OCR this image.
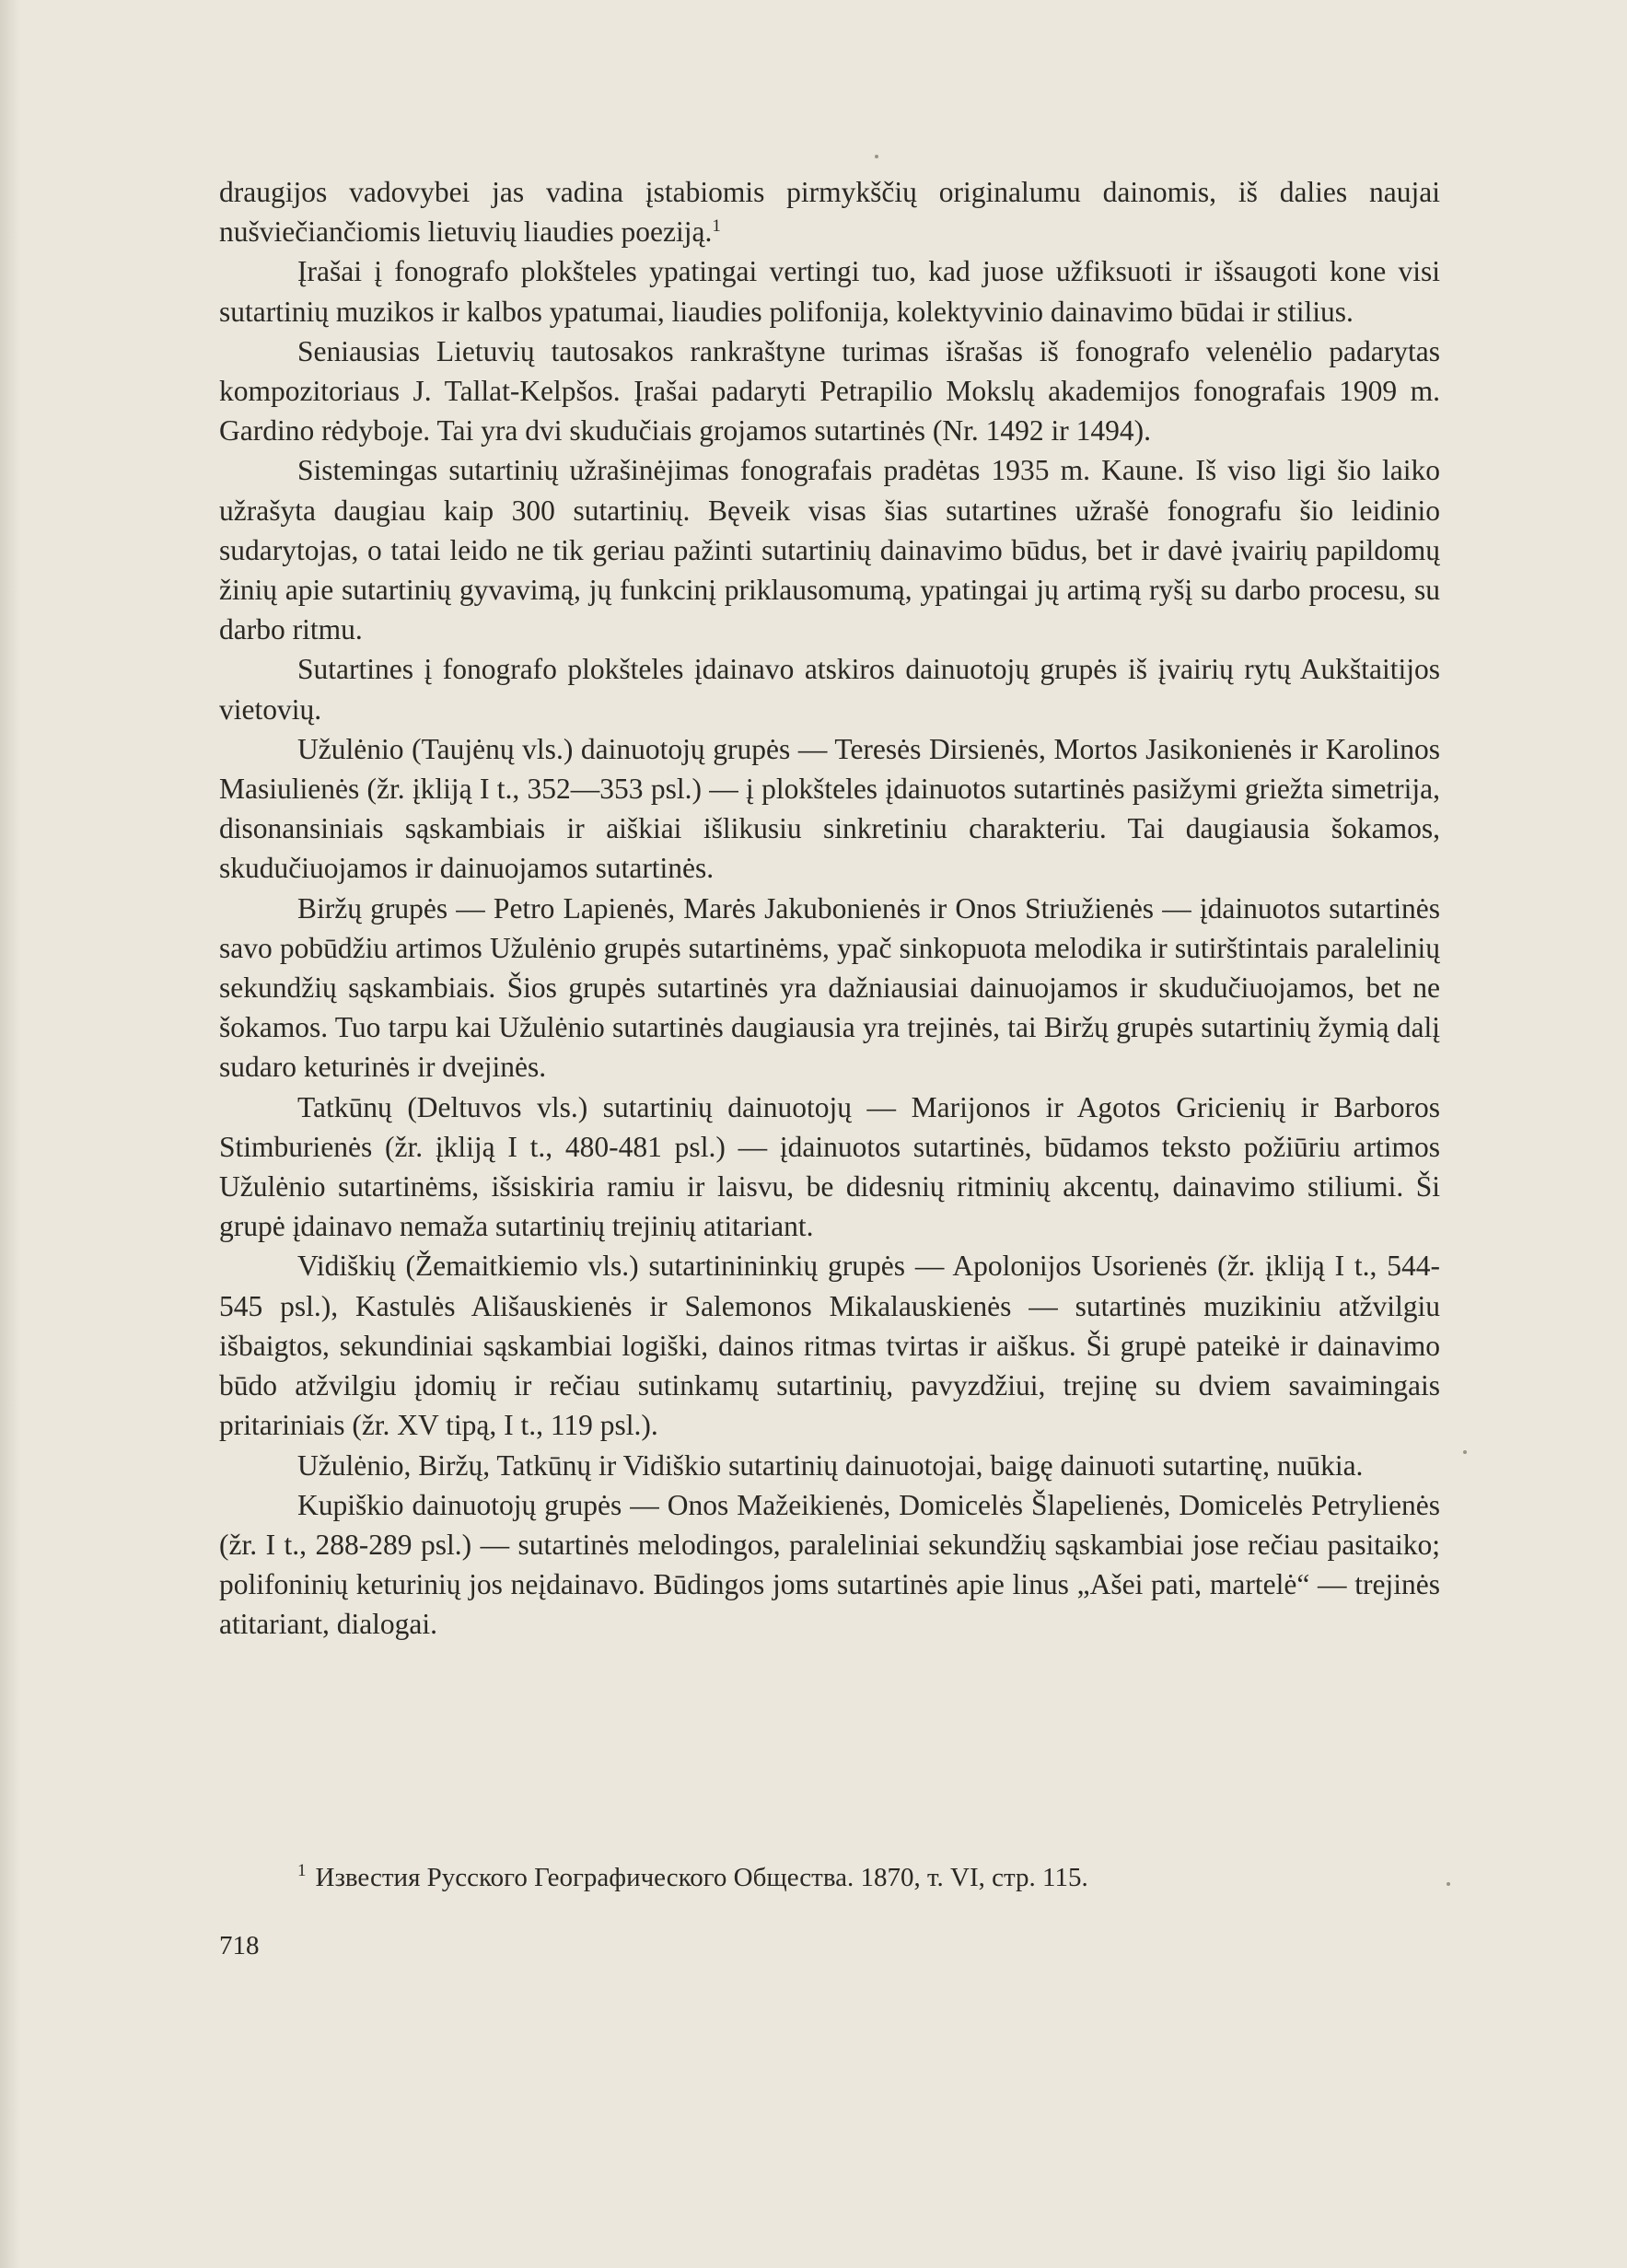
draugijos vadovybei jas vadina įstabiomis pirmykščių originalumu dainomis, iš dalies naujai nušviečiančiomis lietuvių liaudies poeziją.$^1$

Įrašai į fonografo plokšteles ypatingai vertingi tuo, kad juose užfiksuoti ir išsaugoti kone visi sutartinių muzikos ir kalbos ypatumai, liaudies polifonija, kolektyvinio dainavimo būdai ir stilius.

Seniausias Lietuvių tautosakos rankraštyne turimas išrašas iš fonografo velenėlio padarytas kompozitoriaus J. Tallat-Kelpšos. Įrašai padaryti Petrapilio Mokslų akademijos fonografais 1909 m. Gardino rėdyboje. Tai yra dvi skudučiais grojamos sutartinės (Nr. 1492 ir 1494).

Sistemingas sutartinių užrašinėjimas fonografais pradėtas 1935 m. Kaune. Iš viso ligi šio laiko užrašyta daugiau kaip 300 sutartinių. Bęveik visas šias sutartines užrašė fonografu šio leidinio sudarytojas, o tatai leido ne tik geriau pažinti sutartinių dainavimo būdus, bet ir davė įvairių papildomų žinių apie sutartinių gyvavimą, jų funkcinį priklausomumą, ypatingai jų artimą ryšį su darbo procesu, su darbo ritmu.

Sutartines į fonografo plokšteles įdainavo atskiros dainuotojų grupės iš įvairių rytų Aukštaitijos vietovių.

Užulėnio (Taujėnų vls.) dainuotojų grupės — Teresės Dirsienės, Mortos Jasikonienės ir Karolinos Masiulienės (žr. įkliją I t., 352—353 psl.) — į plokšteles įdainuotos sutartinės pasižymi griežta simetrija, disonansiniais sąskambiais ir aiškiai išlikusiu sinkretiniu charakteriu. Tai daugiausia šokamos, skudučiuojamos ir dainuojamos sutartinės.

Biržų grupės — Petro Lapienės, Marės Jakubonienės ir Onos Striužienės — įdainuotos sutartinės savo pobūdžiu artimos Užulėnio grupės sutartinėms, ypač sinkopuota melodika ir sutirštintais paralelinių sekundžių sąskambiais. Šios grupės sutartinės yra dažniausiai dainuojamos ir skudučiuojamos, bet ne šokamos. Tuo tarpu kai Užulėnio sutartinės daugiausia yra trejinės, tai Biržų grupės sutartinių žymią dalį sudaro keturinės ir dvejinės.

Tatkūnų (Deltuvos vls.) sutartinių dainuotojų — Marijonos ir Agotos Gricienių ir Barboros Stimburienės (žr. įkliją I t., 480-481 psl.) — įdainuotos sutartinės, būdamos teksto požiūriu artimos Užulėnio sutartinėms, išsiskiria ramiu ir laisvu, be didesnių ritminių akcentų, dainavimo stiliumi. Ši grupė įdainavo nemaža sutartinių trejinių atitariant.

Vidiškių (Žemaitkiemio vls.) sutartinininkių grupės — Apolonijos Usorienės (žr. įkliją I t., 544-545 psl.), Kastulės Ališauskienės ir Salemonos Mikalauskienės — sutartinės muzikiniu atžvilgiu išbaigtos, sekundiniai sąskambiai logiški, dainos ritmas tvirtas ir aiškus. Ši grupė pateikė ir dainavimo būdo atžvilgiu įdomių ir rečiau sutinkamų sutartinių, pavyzdžiui, trejinę su dviem savaimingais pritariniais (žr. XV tipą, I t., 119 psl.).

Užulėnio, Biržų, Tatkūnų ir Vidiškio sutartinių dainuotojai, baigę dainuoti sutartinę, nuūkia.

Kupiškio dainuotojų grupės — Onos Mažeikienės, Domicelės Šlapelienės, Domicelės Petrylienės (žr. I t., 288-289 psl.) — sutartinės melodingos, paraleliniai sekundžių sąskambiai jose rečiau pasitaiko; polifoninių keturinių jos neįdainavo. Būdingos joms sutartinės apie linus „Ašei pati, martelė“ — trejinės atitariant, dialogai.

$^1$ Известия Русского Географического Общества. 1870, т. VI, стр. 115.
718
